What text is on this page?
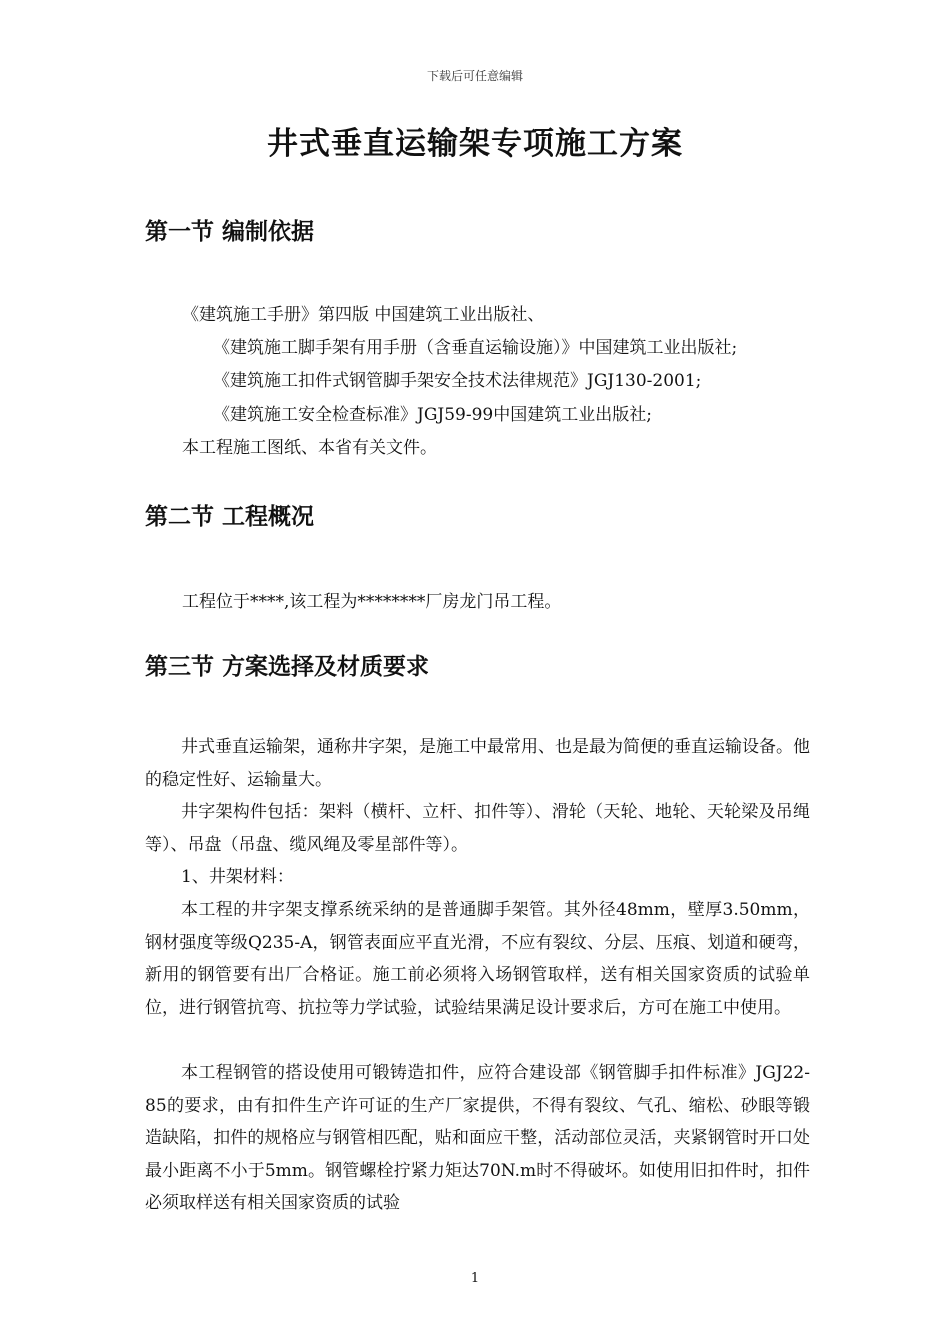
下载后可任意编辑
井式垂直运输架专项施工方案
第一节 编制依据
《建筑施工手册》第四版 中国建筑工业出版社、
《建筑施工脚手架有用手册（含垂直运输设施）》中国建筑工业出版社;
《建筑施工扣件式钢管脚手架安全技术法律规范》JGJ130-2001;
《建筑施工安全检查标准》JGJ59-99中国建筑工业出版社;
本工程施工图纸、本省有关文件。
第二节 工程概况
工程位于****,该工程为********厂房龙门吊工程。
第三节 方案选择及材质要求
井式垂直运输架，通称井字架，是施工中最常用、也是最为简便的垂直运输设备。他的稳定性好、运输量大。
井字架构件包括：架料（横杆、立杆、扣件等）、滑轮（天轮、地轮、天轮梁及吊绳等）、吊盘（吊盘、缆风绳及零星部件等）。
1、井架材料：
本工程的井字架支撑系统采纳的是普通脚手架管。其外径48mm，壁厚3.50mm，钢材强度等级Q235-A，钢管表面应平直光滑，不应有裂纹、分层、压痕、划道和硬弯，新用的钢管要有出厂合格证。施工前必须将入场钢管取样，送有相关国家资质的试验单位，进行钢管抗弯、抗拉等力学试验，试验结果满足设计要求后，方可在施工中使用。
本工程钢管的搭设使用可锻铸造扣件，应符合建设部《钢管脚手扣件标准》JGJ22-85的要求，由有扣件生产许可证的生产厂家提供，不得有裂纹、气孔、缩松、砂眼等锻造缺陷，扣件的规格应与钢管相匹配，贴和面应干整，活动部位灵活，夹紧钢管时开口处最小距离不小于5mm。钢管螺栓拧紧力矩达70N.m时不得破坏。如使用旧扣件时，扣件必须取样送有相关国家资质的试验
1
